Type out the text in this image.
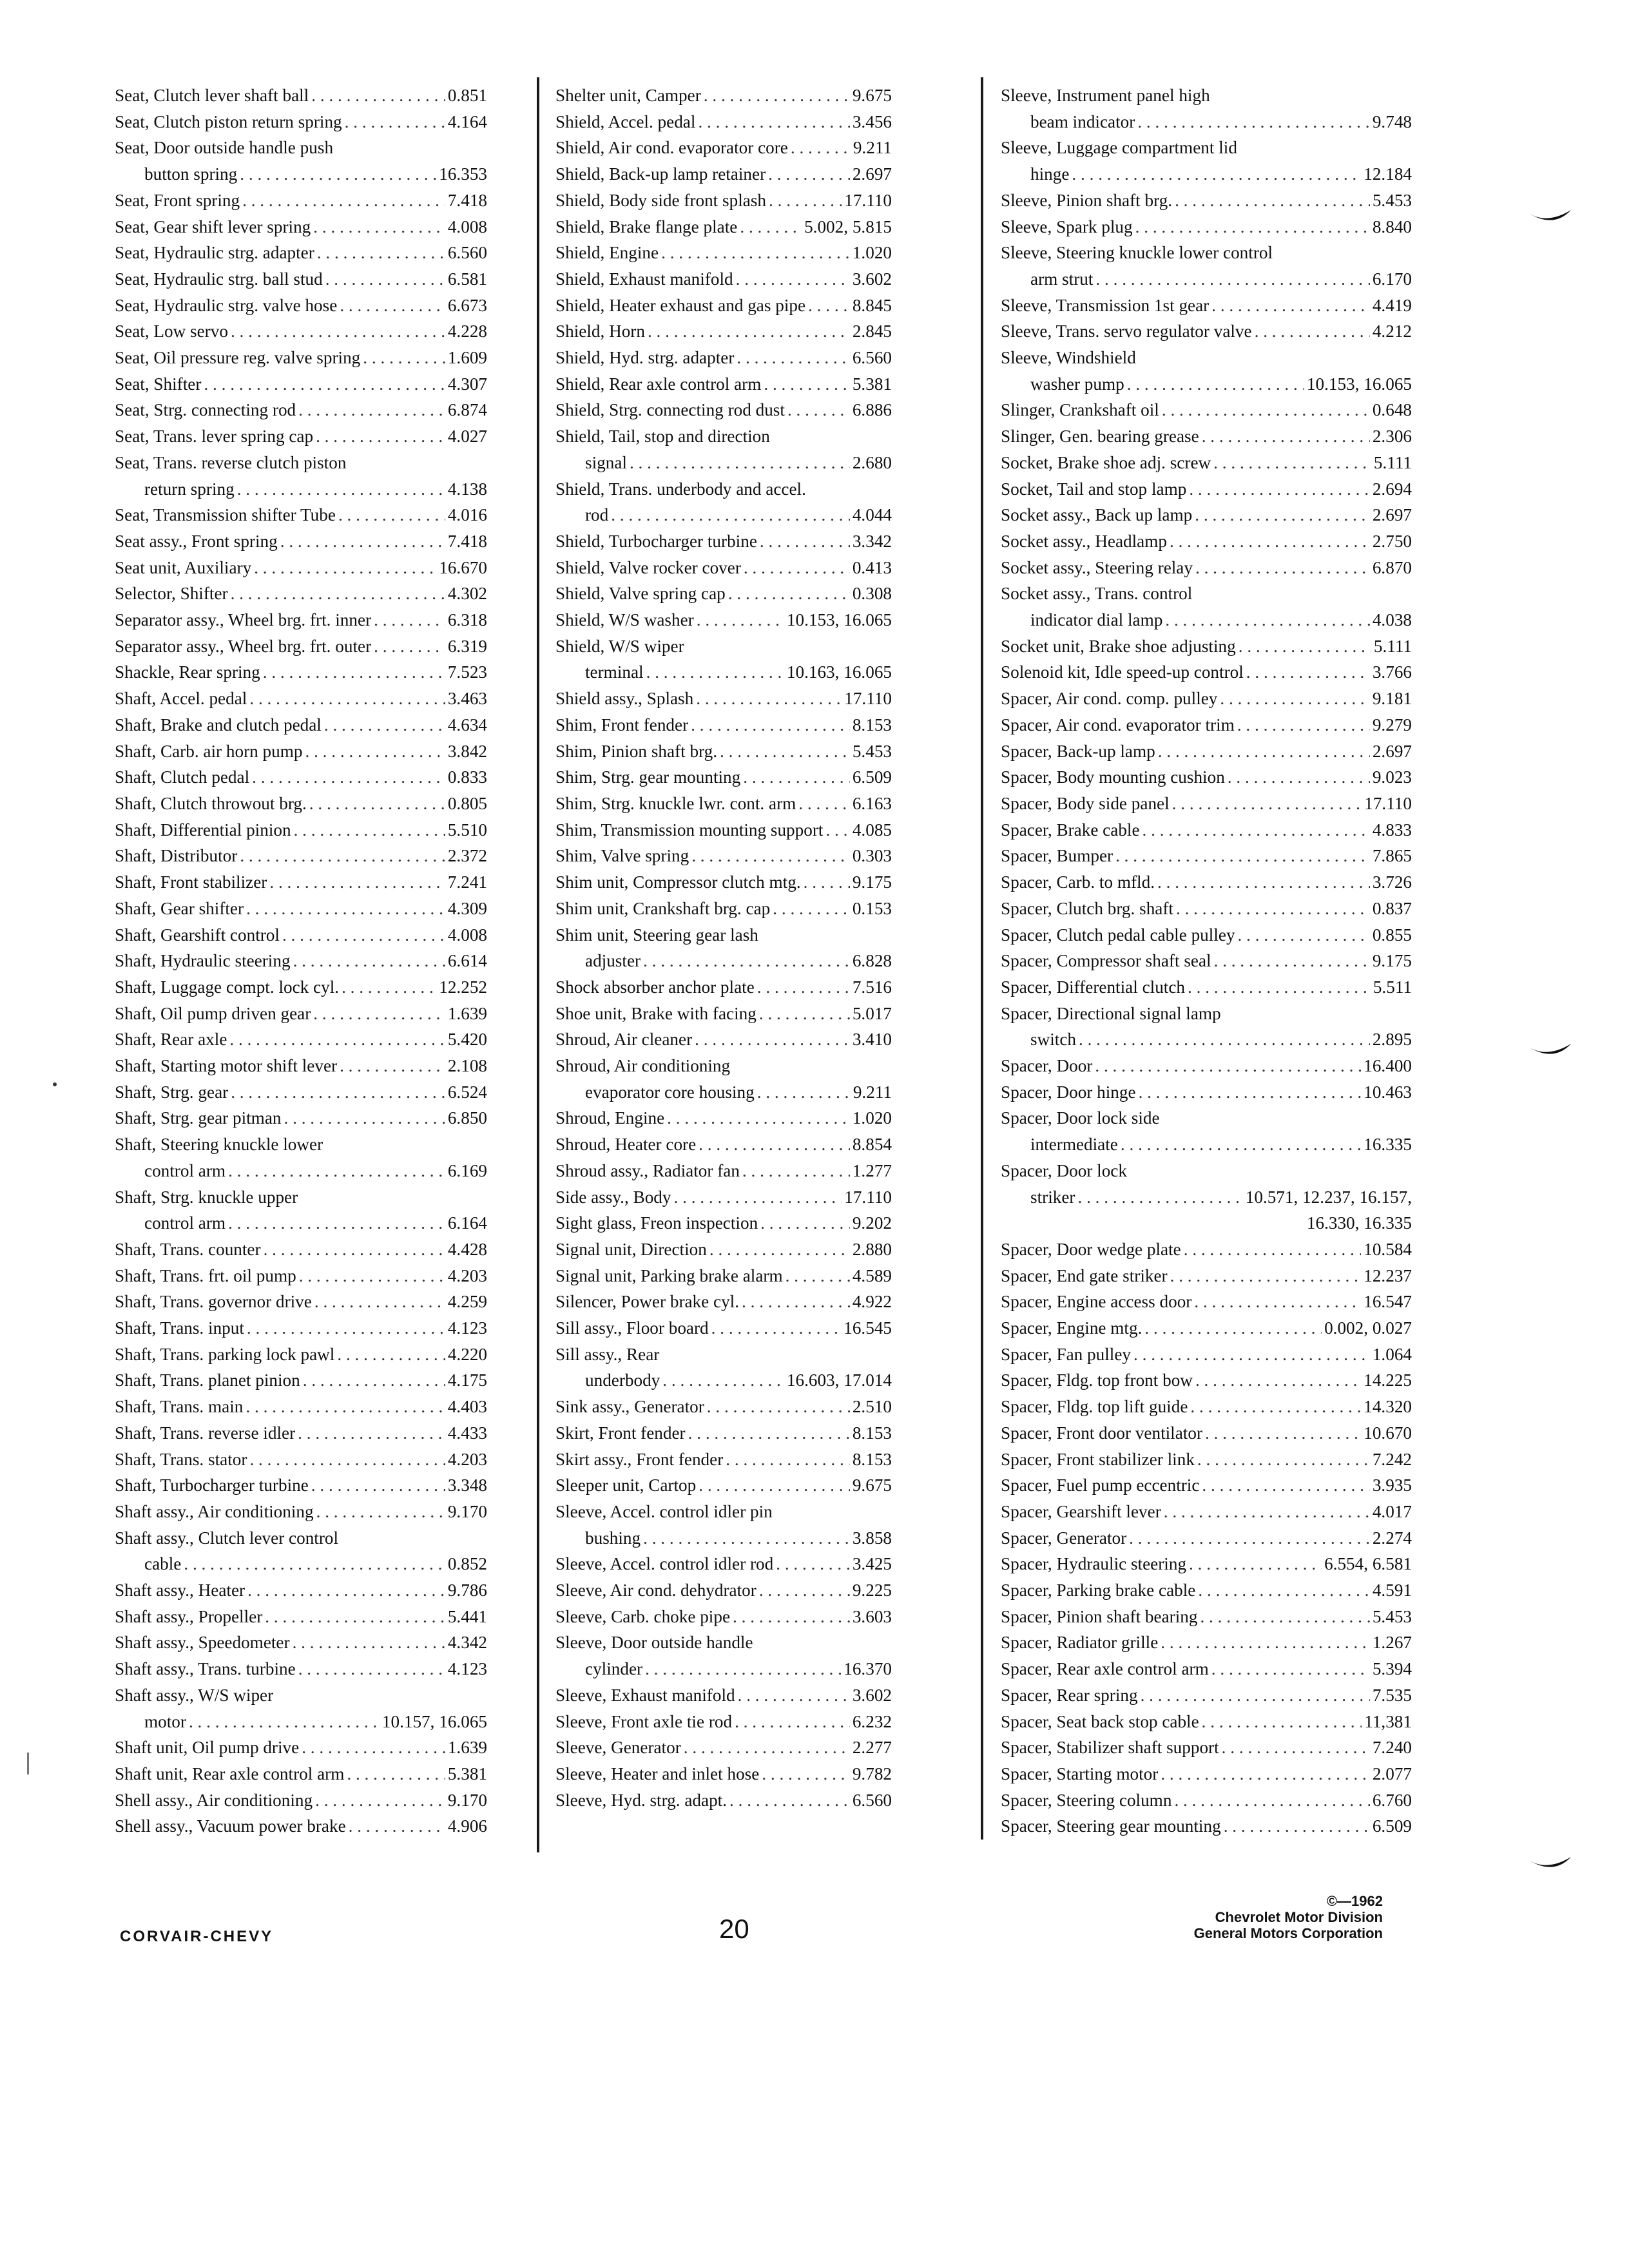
Seat, Clutch lever shaft ball . . .	0.851
Seat, Clutch piston return spring . . .	4.164
Seat, Door outside handle push
button spring . . .	16.353
Seat, Front spring . . .	7.418
Seat, Gear shift lever spring . . .	4.008
Seat, Hydraulic strg. adapter . . .	6.560
Seat, Hydraulic strg. ball stud . . .	6.581
Seat, Hydraulic strg. valve hose . . .	6.673
Seat, Low servo . . .	4.228
Seat, Oil pressure reg. valve spring . . .	1.609
Seat, Shifter . . .	4.307
Seat, Strg. connecting rod . . .	6.874
Seat, Trans. lever spring cap . . .	4.027
Seat, Trans. reverse clutch piston
return spring . . .	4.138
Seat, Transmission shifter Tube . . .	4.016
Seat assy., Front spring . . .	7.418
Seat unit, Auxiliary . . .	16.670
Selector, Shifter . . .	4.302
Separator assy., Wheel brg. frt. inner . . .	6.318
Separator assy., Wheel brg. frt. outer . . .	6.319
Shackle, Rear spring . . .	7.523
Shaft, Accel. pedal . . .	3.463
Shaft, Brake and clutch pedal . . .	4.634
Shaft, Carb. air horn pump . . .	3.842
Shaft, Clutch pedal . . .	0.833
Shaft, Clutch throwout brg. . . .	0.805
Shaft, Differential pinion . . .	5.510
Shaft, Distributor . . .	2.372
Shaft, Front stabilizer . . .	7.241
Shaft, Gear shifter . . .	4.309
Shaft, Gearshift control . . .	4.008
Shaft, Hydraulic steering . . .	6.614
Shaft, Luggage compt. lock cyl. . . .	12.252
Shaft, Oil pump driven gear . . .	1.639
Shaft, Rear axle . . .	5.420
Shaft, Starting motor shift lever . . .	2.108
Shaft, Strg. gear . . .	6.524
Shaft, Strg. gear pitman . . .	6.850
Shaft, Steering knuckle lower
control arm . . .	6.169
Shaft, Strg. knuckle upper
control arm . . .	6.164
Shaft, Trans. counter . . .	4.428
Shaft, Trans. frt. oil pump . . .	4.203
Shaft, Trans. governor drive . . .	4.259
Shaft, Trans. input . . .	4.123
Shaft, Trans. parking lock pawl . . .	4.220
Shaft, Trans. planet pinion . . .	4.175
Shaft, Trans. main . . .	4.403
Shaft, Trans. reverse idler . . .	4.433
Shaft, Trans. stator . . .	4.203
Shaft, Turbocharger turbine . . .	3.348
Shaft assy., Air conditioning . . .	9.170
Shaft assy., Clutch lever control
cable . . .	0.852
Shaft assy., Heater . . .	9.786
Shaft assy., Propeller . . .	5.441
Shaft assy., Speedometer . . .	4.342
Shaft assy., Trans. turbine . . .	4.123
Shaft assy., W/S wiper
motor . . .	10.157, 16.065
Shaft unit, Oil pump drive . . .	1.639
Shaft unit, Rear axle control arm . . .	5.381
Shell assy., Air conditioning . . .	9.170
Shell assy., Vacuum power brake . . .	4.906
Shelter unit, Camper . . .	9.675
Shield, Accel. pedal . . .	3.456
Shield, Air cond. evaporator core . . .	9.211
Shield, Back-up lamp retainer . . .	2.697
Shield, Body side front splash . . .	17.110
Shield, Brake flange plate . . .	5.002, 5.815
Shield, Engine . . .	1.020
Shield, Exhaust manifold . . .	3.602
Shield, Heater exhaust and gas pipe . . .	8.845
Shield, Horn . . .	2.845
Shield, Hyd. strg. adapter . . .	6.560
Shield, Rear axle control arm . . .	5.381
Shield, Strg. connecting rod dust . . .	6.886
Shield, Tail, stop and direction
signal . . .	2.680
Shield, Trans. underbody and accel.
rod . . .	4.044
Shield, Turbocharger turbine . . .	3.342
Shield, Valve rocker cover . . .	0.413
Shield, Valve spring cap . . .	0.308
Shield, W/S washer . . .	10.153, 16.065
Shield, W/S wiper
terminal . . .	10.163, 16.065
Shield assy., Splash . . .	17.110
Shim, Front fender . . .	8.153
Shim, Pinion shaft brg. . . .	5.453
Shim, Strg. gear mounting . . .	6.509
Shim, Strg. knuckle lwr. cont. arm . . .	6.163
Shim, Transmission mounting support . . . 4.085
Shim, Valve spring . . .	0.303
Shim unit, Compressor clutch mtg. . . .	9.175
Shim unit, Crankshaft brg. cap . . .	0.153
Shim unit, Steering gear lash
adjuster . . .	6.828
Shock absorber anchor plate . . .	7.516
Shoe unit, Brake with facing . . .	5.017
Shroud, Air cleaner . . .	3.410
Shroud, Air conditioning
evaporator core housing . . .	9.211
Shroud, Engine . . .	1.020
Shroud, Heater core . . .	8.854
Shroud assy., Radiator fan . . .	1.277
Side assy., Body . . .	17.110
Sight glass, Freon inspection . . .	9.202
Signal unit, Direction . . .	2.880
Signal unit, Parking brake alarm . . .	4.589
Silencer, Power brake cyl. . . .	4.922
Sill assy., Floor board . . .	16.545
Sill assy., Rear
underbody . . .	16.603, 17.014
Sink assy., Generator . . .	2.510
Skirt, Front fender . . .	8.153
Skirt assy., Front fender . . .	8.153
Sleeper unit, Cartop . . .	9.675
Sleeve, Accel. control idler pin
bushing . . .	3.858
Sleeve, Accel. control idler rod . . .	3.425
Sleeve, Air cond. dehydrator . . .	9.225
Sleeve, Carb. choke pipe . . .	3.603
Sleeve, Door outside handle
cylinder . . .	16.370
Sleeve, Exhaust manifold . . .	3.602
Sleeve, Front axle tie rod . . .	6.232
Sleeve, Generator . . .	2.277
Sleeve, Heater and inlet hose . . .	9.782
Sleeve, Hyd. strg. adapt. . . .	6.560
Sleeve, Instrument panel high
beam indicator . . .	9.748
Sleeve, Luggage compartment lid
hinge . . .	12.184
Sleeve, Pinion shaft brg. . . .	5.453
Sleeve, Spark plug . . .	8.840
Sleeve, Steering knuckle lower control
arm strut . . .	6.170
Sleeve, Transmission 1st gear . . .	4.419
Sleeve, Trans. servo regulator valve . . .	4.212
Sleeve, Windshield
washer pump . . .	10.153, 16.065
Slinger, Crankshaft oil . . .	0.648
Slinger, Gen. bearing grease . . .	2.306
Socket, Brake shoe adj. screw . . .	5.111
Socket, Tail and stop lamp . . .	2.694
Socket assy., Back up lamp . . .	2.697
Socket assy., Headlamp . . .	2.750
Socket assy., Steering relay . . .	6.870
Socket assy., Trans. control
indicator dial lamp . . .	4.038
Socket unit, Brake shoe adjusting . . .	5.111
Solenoid kit, Idle speed-up control . . .	3.766
Spacer, Air cond. comp. pulley . . .	9.181
Spacer, Air cond. evaporator trim . . .	9.279
Spacer, Back-up lamp . . .	2.697
Spacer, Body mounting cushion . . .	9.023
Spacer, Body side panel . . .	17.110
Spacer, Brake cable . . .	4.833
Spacer, Bumper . . .	7.865
Spacer, Carb. to mfld. . . .	3.726
Spacer, Clutch brg. shaft . . .	0.837
Spacer, Clutch pedal cable pulley . . .	0.855
Spacer, Compressor shaft seal . . .	9.175
Spacer, Differential clutch . . .	5.511
Spacer, Directional signal lamp
switch . . .	2.895
Spacer, Door . . .	16.400
Spacer, Door hinge . . .	10.463
Spacer, Door lock side
intermediate . . .	16.335
Spacer, Door lock
striker . . .	10.571, 12.237, 16.157,
16.330, 16.335
Spacer, Door wedge plate . . .	10.584
Spacer, End gate striker . . .	12.237
Spacer, Engine access door . . .	16.547
Spacer, Engine mtg. . . .	0.002, 0.027
Spacer, Fan pulley . . .	1.064
Spacer, Fldg. top front bow . . .	14.225
Spacer, Fldg. top lift guide . . .	14.320
Spacer, Front door ventilator . . .	10.670
Spacer, Front stabilizer link . . .	7.242
Spacer, Fuel pump eccentric . . .	3.935
Spacer, Gearshift lever . . .	4.017
Spacer, Generator . . .	2.274
Spacer, Hydraulic steering . . .	6.554, 6.581
Spacer, Parking brake cable . . .	4.591
Spacer, Pinion shaft bearing . . .	5.453
Spacer, Radiator grille . . .	1.267
Spacer, Rear axle control arm . . .	5.394
Spacer, Rear spring . . .	7.535
Spacer, Seat back stop cable . . .	11,381
Spacer, Stabilizer shaft support . . .	7.240
Spacer, Starting motor . . .	2.077
Spacer, Steering column . . .	6.760
Spacer, Steering gear mounting . . .	6.509
CORVAIR-CHEVY	20
©—1962
Chevrolet Motor Division
General Motors Corporation
